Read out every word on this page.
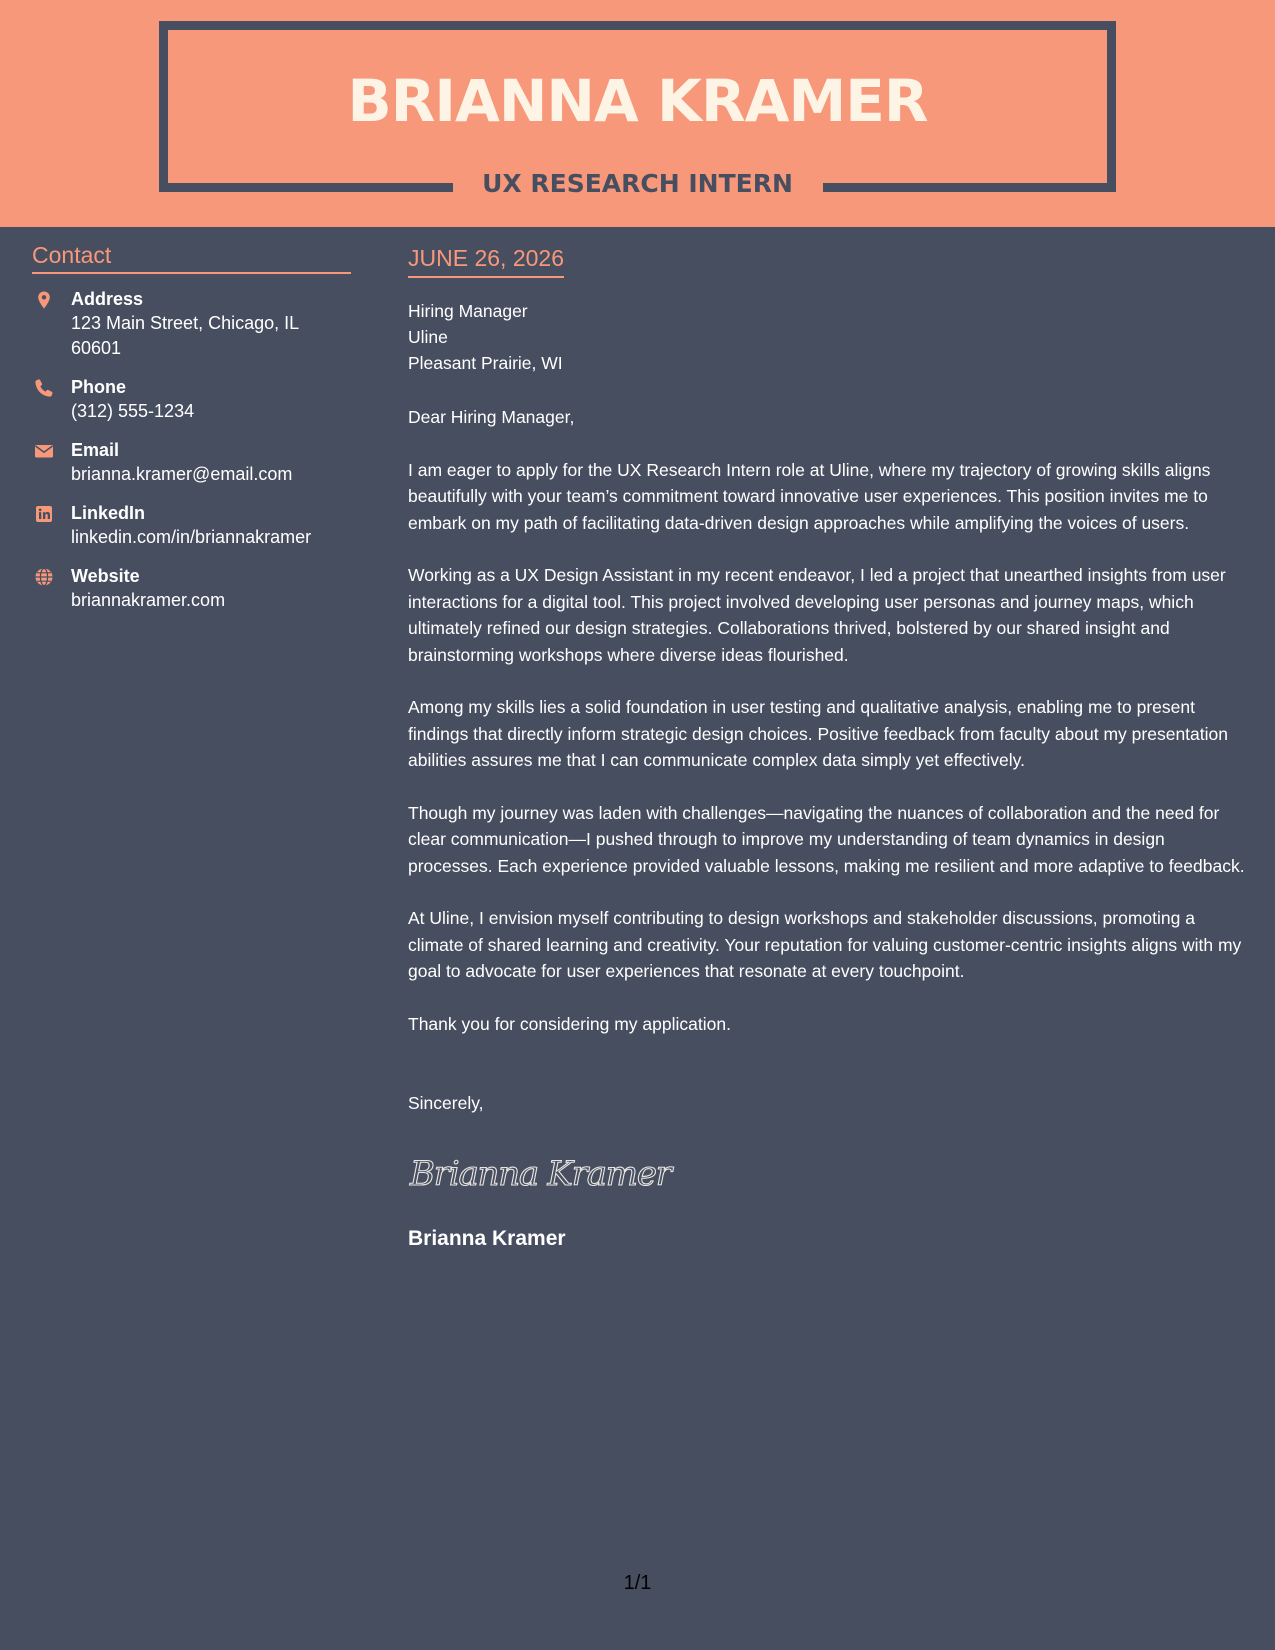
BRIANNA KRAMER
UX RESEARCH INTERN
Contact
Address
123 Main Street, Chicago, IL 60601
Phone
(312) 555-1234
Email
brianna.kramer@email.com
LinkedIn
linkedin.com/in/briannakramer
Website
briannakramer.com
JUNE 26, 2026
Hiring Manager
Uline
Pleasant Prairie, WI
Dear Hiring Manager,

I am eager to apply for the UX Research Intern role at Uline, where my trajectory of growing skills aligns beautifully with your team’s commitment toward innovative user experiences. This position invites me to embark on my path of facilitating data-driven design approaches while amplifying the voices of users.

Working as a UX Design Assistant in my recent endeavor, I led a project that unearthed insights from user interactions for a digital tool. This project involved developing user personas and journey maps, which ultimately refined our design strategies. Collaborations thrived, bolstered by our shared insight and brainstorming workshops where diverse ideas flourished.

Among my skills lies a solid foundation in user testing and qualitative analysis, enabling me to present findings that directly inform strategic design choices. Positive feedback from faculty about my presentation abilities assures me that I can communicate complex data simply yet effectively.

Though my journey was laden with challenges—navigating the nuances of collaboration and the need for clear communication—I pushed through to improve my understanding of team dynamics in design processes. Each experience provided valuable lessons, making me resilient and more adaptive to feedback.

At Uline, I envision myself contributing to design workshops and stakeholder discussions, promoting a climate of shared learning and creativity. Your reputation for valuing customer-centric insights aligns with my goal to advocate for user experiences that resonate at every touchpoint.

Thank you for considering my application.

Sincerely,
Brianna Kramer
Brianna Kramer
1/1
